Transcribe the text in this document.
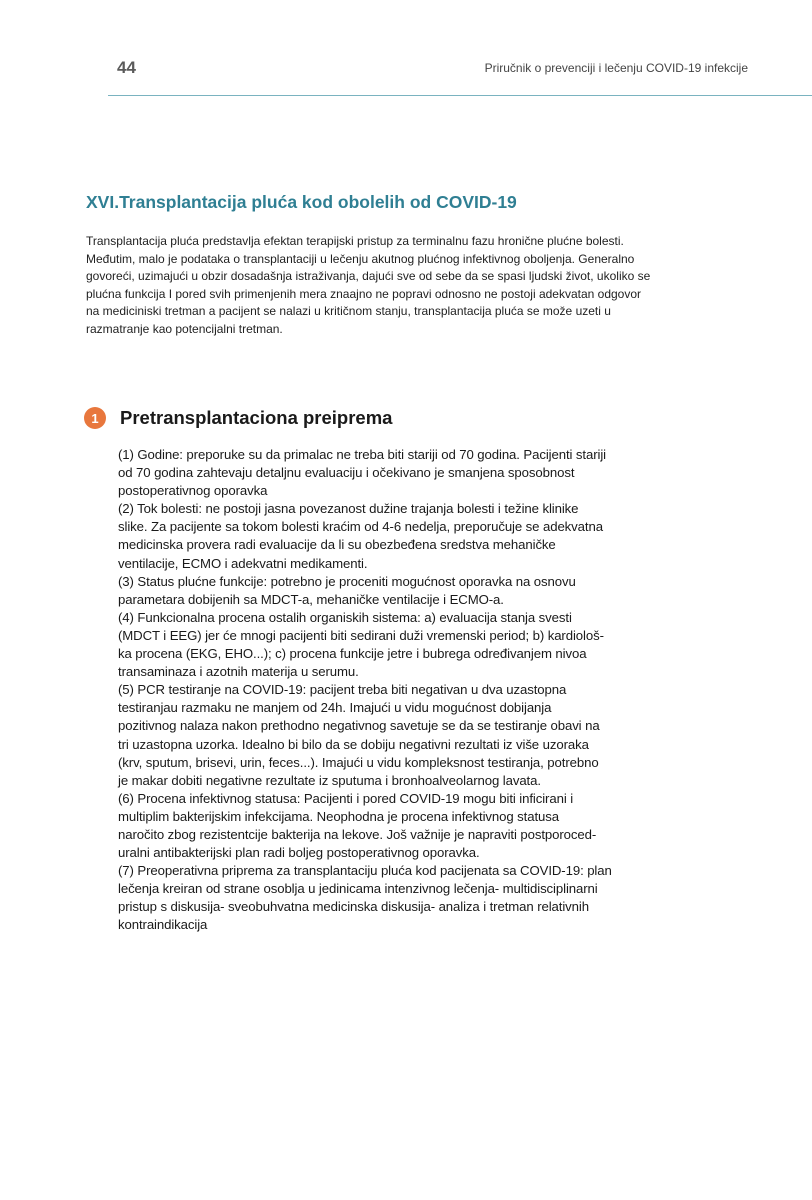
44	Priručnik o prevenciji i lečenju COVID-19 infekcije
XVI.Transplantacija pluća kod obolelih od COVID-19

Transplantacija pluća predstavlja efektan terapijski pristup za terminalnu fazu hronične plućne bolesti.
Međutim, malo je podataka o transplantaciji u lečenju akutnog plućnog infektivnog oboljenja. Generalno
govoreći, uzimajući u obzir dosadašnja istraživanja, dajući sve od sebe da se spasi ljudski život, ukoliko se
plućna funkcija I pored svih primenjenih mera znaajno ne popravi odnosno ne postoji adekvatan odgovor
na mediciniski tretman a pacijent se nalazi u kritičnom stanju, transplantacija pluća se može uzeti u
razmatranje kao potencijalni tretman.

1	Pretransplantaciona preiprema
(1) Godine: preporuke su da primalac ne treba biti stariji od 70 godina. Pacijenti stariji
od 70 godina zahtevaju detaljnu evaluaciju i očekivano je smanjena sposobnost
postoperativnog oporavka
(2) Tok bolesti: ne postoji jasna povezanost dužine trajanja bolesti i težine klinike
slike. Za pacijente sa tokom bolesti kraćim od 4-6 nedelja, preporučuje se adekvatna
medicinska provera radi evaluacije da li su obezbeđena sredstva mehaničke
ventilacije, ECMO i adekvatni medikamenti.
(3) Status plućne funkcije: potrebno je proceniti mogućnost oporavka na osnovu
parametara dobijenih sa MDCT-a, mehaničke ventilacije i ECMO-a.
(4) Funkcionalna procena ostalih organiskih sistema: a) evaluacija stanja svesti
(MDCT i EEG) jer će mnogi pacijenti biti sedirani duži vremenski period; b) kardiološ-
ka procena (EKG, EHO...); c) procena funkcije jetre i bubrega određivanjem nivoa
transaminaza i azotnih materija u serumu.
(5) PCR testiranje na COVID-19: pacijent treba biti negativan u dva uzastopna
testiranjau razmaku ne manjem od 24h. Imajući u vidu mogućnost dobijanja
pozitivnog nalaza nakon prethodno negativnog savetuje se da se testiranje obavi na
tri uzastopna uzorka. Idealno bi bilo da se dobiju negativni rezultati iz više uzoraka
(krv, sputum, brisevi, urin, feces...). Imajući u vidu kompleksnost testiranja, potrebno
je makar dobiti negativne rezultate iz sputuma i bronhoalveolarnog lavata.
(6) Procena infektivnog statusa: Pacijenti i pored COVID-19 mogu biti inficirani i
multiplim bakterijskim infekcijama. Neophodna je procena infektivnog statusa
naročito zbog rezistentcije bakterija na lekove. Još važnije je napraviti postporoced-
uralni antibakterijski plan radi boljeg postoperativnog oporavka.
(7) Preoperativna priprema za transplantaciju pluća kod pacijenata sa COVID-19: plan
lečenja kreiran od strane osoblja u jedinicama intenzivnog lečenja- multidisciplinarni
pristup s diskusija- sveobuhvatna medicinska diskusija- analiza i tretman relativnih
kontraindikacija
